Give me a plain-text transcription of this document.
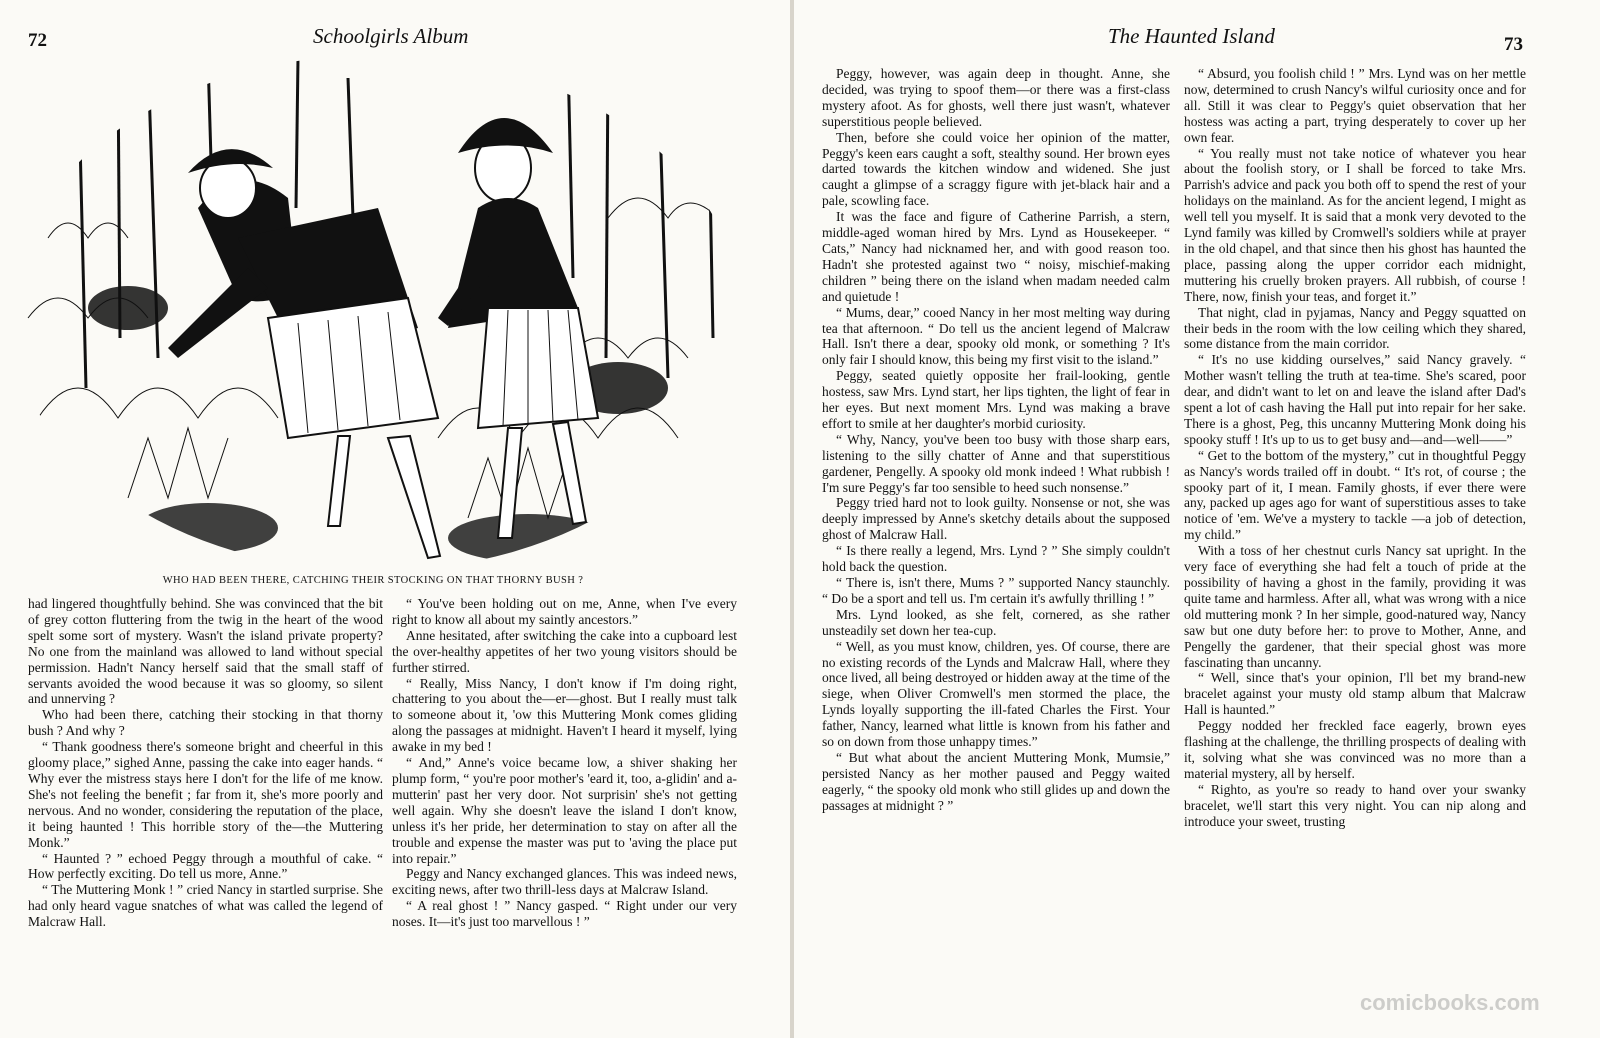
72	Schoolgirls Album
WHO HAD BEEN THERE, CATCHING THEIR STOCKING ON THAT THORNY BUSH ?

had lingered thoughtfully behind. She was convinced that the bit of grey cotton fluttering from the twig in the heart of the wood spelt some sort of mystery. Wasn't the island private property? No one from the mainland was allowed to land without special permission. Hadn't Nancy herself said that the small staff of servants avoided the wood because it was so gloomy, so silent and unnerving ?

Who had been there, catching their stocking in that thorny bush ? And why ?

“ Thank goodness there's someone bright and cheerful in this gloomy place,” sighed Anne, passing the cake into eager hands. “ Why ever the mistress stays here I don't for the life of me know. She's not feeling the benefit ; far from it, she's more poorly and nervous. And no wonder, considering the reputation of the place, it being haunted ! This horrible story of the—the Muttering Monk.”

“ Haunted ? ” echoed Peggy through a mouthful of cake. “ How perfectly exciting. Do tell us more, Anne.”

“ The Muttering Monk ! ” cried Nancy in startled surprise. She had only heard vague snatches of what was called the legend of Malcraw Hall.

“ You've been holding out on me, Anne, when I've every right to know all about my saintly ancestors.”

Anne hesitated, after switching the cake into a cupboard lest the over-healthy appetites of her two young visitors should be further stirred.

“ Really, Miss Nancy, I don't know if I'm doing right, chattering to you about the—er—ghost. But I really must talk to someone about it, 'ow this Muttering Monk comes gliding along the passages at midnight. Haven't I heard it myself, lying awake in my bed !

“ And,” Anne's voice became low, a shiver shaking her plump form, “ you're poor mother's 'eard it, too, a-glidin' and a-mutterin' past her very door. Not surprisin' she's not getting well again. Why she doesn't leave the island I don't know, unless it's her pride, her determination to stay on after all the trouble and expense the master was put to 'aving the place put into repair.”

Peggy and Nancy exchanged glances. This was indeed news, exciting news, after two thrill-less days at Malcraw Island.

“ A real ghost ! ” Nancy gasped. “ Right under our very noses. It—it's just too marvellous ! ”

The Haunted Island	73

Peggy, however, was again deep in thought. Anne, she decided, was trying to spoof them—or there was a first-class mystery afoot. As for ghosts, well there just wasn't, whatever superstitious people believed.

Then, before she could voice her opinion of the matter, Peggy's keen ears caught a soft, stealthy sound. Her brown eyes darted towards the kitchen window and widened. She just caught a glimpse of a scraggy figure with jet-black hair and a pale, scowling face.

It was the face and figure of Catherine Parrish, a stern, middle-aged woman hired by Mrs. Lynd as Housekeeper. “ Cats,” Nancy had nicknamed her, and with good reason too. Hadn't she protested against two “ noisy, mischief-making children ” being there on the island when madam needed calm and quietude !

“ Mums, dear,” cooed Nancy in her most melting way during tea that afternoon. “ Do tell us the ancient legend of Malcraw Hall. Isn't there a dear, spooky old monk, or something ? It's only fair I should know, this being my first visit to the island.”

Peggy, seated quietly opposite her frail-looking, gentle hostess, saw Mrs. Lynd start, her lips tighten, the light of fear in her eyes. But next moment Mrs. Lynd was making a brave effort to smile at her daughter's morbid curiosity.

“ Why, Nancy, you've been too busy with those sharp ears, listening to the silly chatter of Anne and that superstitious gardener, Pengelly. A spooky old monk indeed ! What rubbish ! I'm sure Peggy's far too sensible to heed such nonsense.”

Peggy tried hard not to look guilty. Nonsense or not, she was deeply impressed by Anne's sketchy details about the supposed ghost of Malcraw Hall.

“ Is there really a legend, Mrs. Lynd ? ” She simply couldn't hold back the question.

“ There is, isn't there, Mums ? ” supported Nancy staunchly. “ Do be a sport and tell us. I'm certain it's awfully thrilling ! ”

Mrs. Lynd looked, as she felt, cornered, as she rather unsteadily set down her tea-cup.

“ Well, as you must know, children, yes. Of course, there are no existing records of the Lynds and Malcraw Hall, where they once lived, all being destroyed or hidden away at the time of the siege, when Oliver Cromwell's men stormed the place, the Lynds loyally supporting the ill-fated Charles the First. Your father, Nancy, learned what little is known from his father and so on down from those unhappy times.”

“ But what about the ancient Muttering Monk, Mumsie,” persisted Nancy as her mother paused and Peggy waited eagerly, “ the spooky old monk who still glides up and down the passages at midnight ? ”

“ Absurd, you foolish child ! ” Mrs. Lynd was on her mettle now, determined to crush Nancy's wilful curiosity once and for all. Still it was clear to Peggy's quiet observation that her hostess was acting a part, trying desperately to cover up her own fear.

“ You really must not take notice of whatever you hear about the foolish story, or I shall be forced to take Mrs. Parrish's advice and pack you both off to spend the rest of your holidays on the mainland. As for the ancient legend, I might as well tell you myself. It is said that a monk very devoted to the Lynd family was killed by Cromwell's soldiers while at prayer in the old chapel, and that since then his ghost has haunted the place, passing along the upper corridor each midnight, muttering his cruelly broken prayers. All rubbish, of course ! There, now, finish your teas, and forget it.”

That night, clad in pyjamas, Nancy and Peggy squatted on their beds in the room with the low ceiling which they shared, some distance from the main corridor.

“ It's no use kidding ourselves,” said Nancy gravely. “ Mother wasn't telling the truth at tea-time. She's scared, poor dear, and didn't want to let on and leave the island after Dad's spent a lot of cash having the Hall put into repair for her sake. There is a ghost, Peg, this uncanny Muttering Monk doing his spooky stuff ! It's up to us to get busy and—and—well——”

“ Get to the bottom of the mystery,” cut in thoughtful Peggy as Nancy's words trailed off in doubt. “ It's rot, of course ; the spooky part of it, I mean. Family ghosts, if ever there were any, packed up ages ago for want of superstitious asses to take notice of 'em. We've a mystery to tackle —a job of detection, my child.”

With a toss of her chestnut curls Nancy sat upright. In the very face of everything she had felt a touch of pride at the possibility of having a ghost in the family, providing it was quite tame and harmless. After all, what was wrong with a nice old muttering monk ? In her simple, good-natured way, Nancy saw but one duty before her: to prove to Mother, Anne, and Pengelly the gardener, that their special ghost was more fascinating than uncanny.

“ Well, since that's your opinion, I'll bet my brand-new bracelet against your musty old stamp album that Malcraw Hall is haunted.”

Peggy nodded her freckled face eagerly, brown eyes flashing at the challenge, the thrilling prospects of dealing with it, solving what she was convinced was no more than a material mystery, all by herself.

“ Righto, as you're so ready to hand over your swanky bracelet, we'll start this very night. You can nip along and introduce your sweet, trusting

comicbooks.com
